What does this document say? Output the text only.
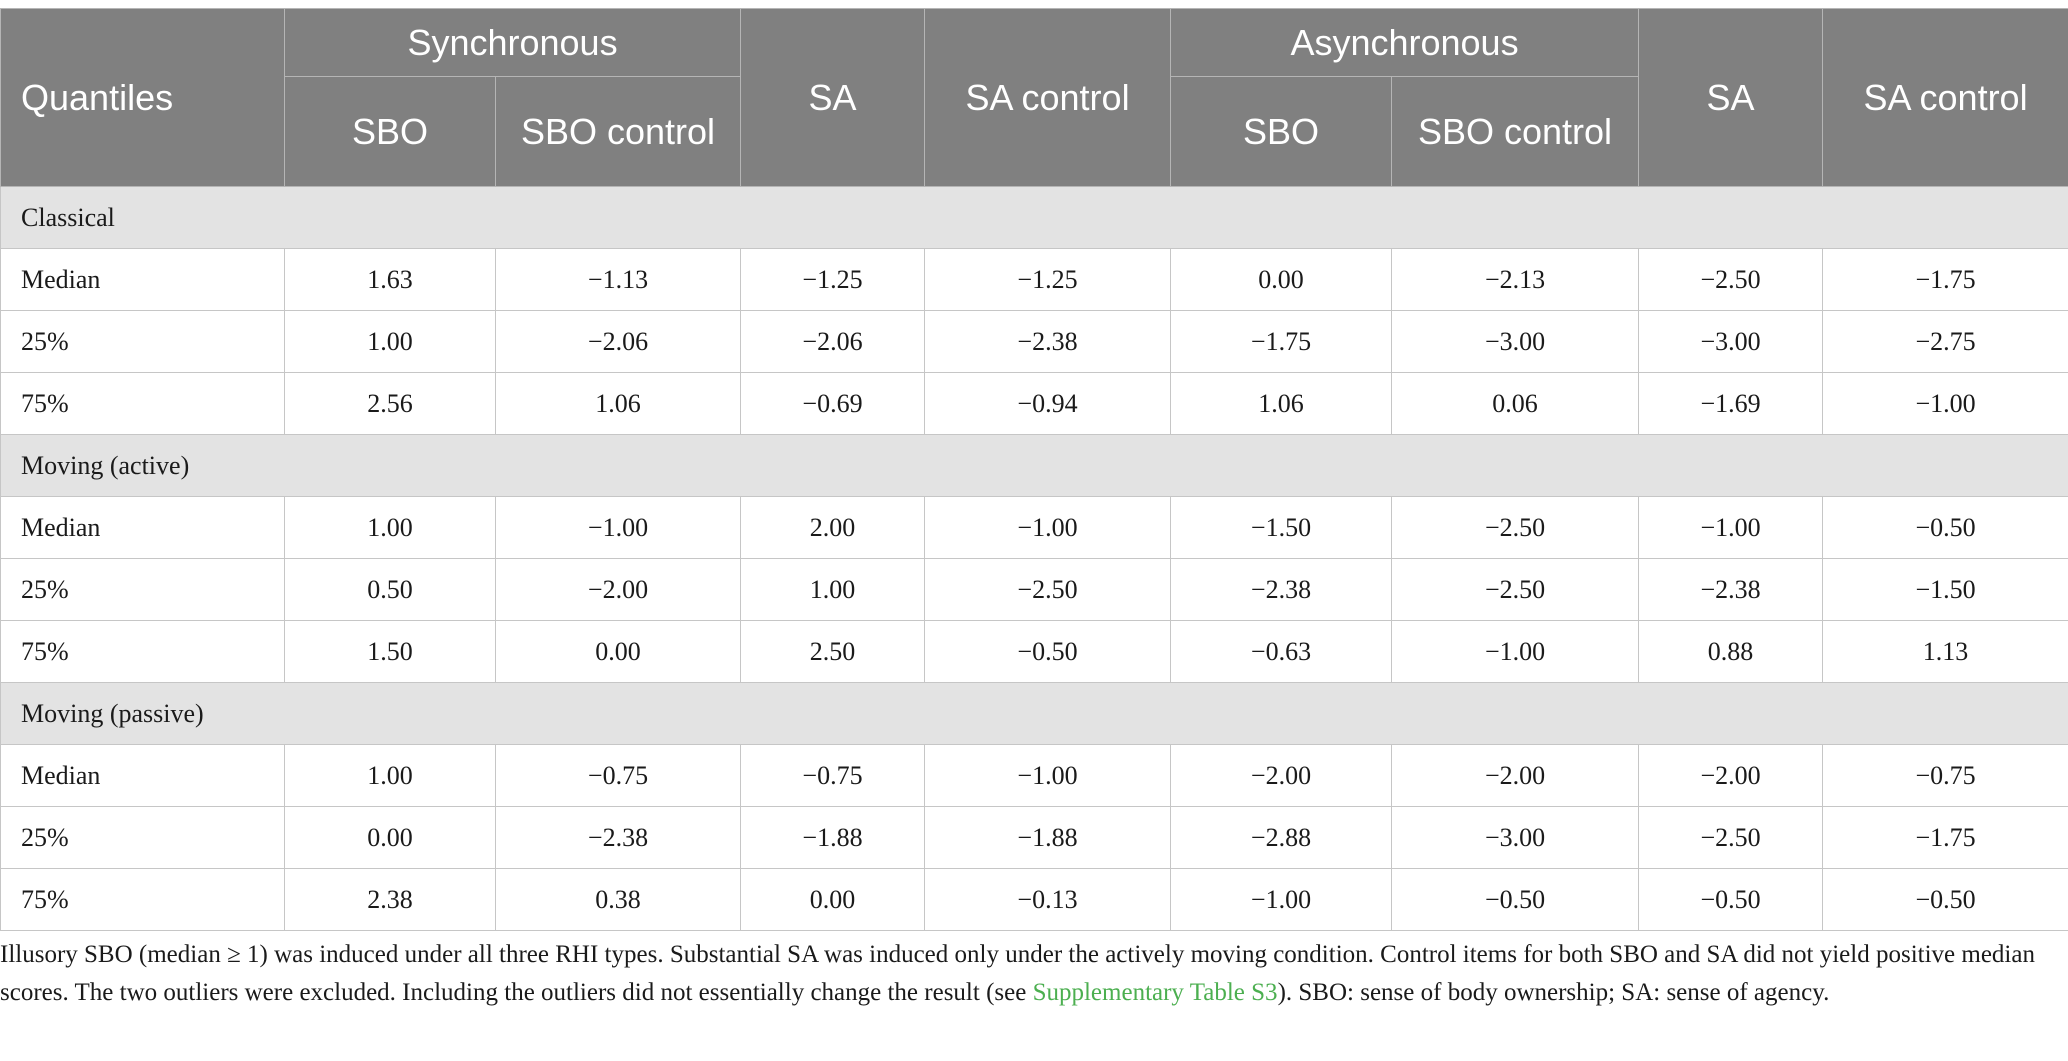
Quantiles	Synchronous		SA	SA control	Asynchronous		SA	SA control
	SBO	SBO control			SBO	SBO control		
Classical								
Median	1.63	−1.13	−1.25	−1.25	0.00	−2.13	−2.50	−1.75
25%	1.00	−2.06	−2.06	−2.38	−1.75	−3.00	−3.00	−2.75
75%	2.56	1.06	−0.69	−0.94	1.06	0.06	−1.69	−1.00
Moving (active)								
Median	1.00	−1.00	2.00	−1.00	−1.50	−2.50	−1.00	−0.50
25%	0.50	−2.00	1.00	−2.50	−2.38	−2.50	−2.38	−1.50
75%	1.50	0.00	2.50	−0.50	−0.63	−1.00	0.88	1.13
Moving (passive)								
Median	1.00	−0.75	−0.75	−1.00	−2.00	−2.00	−2.00	−0.75
25%	0.00	−2.38	−1.88	−1.88	−2.88	−3.00	−2.50	−1.75
75%	2.38	0.38	0.00	−0.13	−1.00	−0.50	−0.50	−0.50

Illusory SBO (median ≥ 1) was induced under all three RHI types. Substantial SA was induced only under the actively moving condition. Control items for both SBO and SA did not yield positive median scores. The two outliers were excluded. Including the outliers did not essentially change the result (see Supplementary Table S3). SBO: sense of body ownership; SA: sense of agency.
